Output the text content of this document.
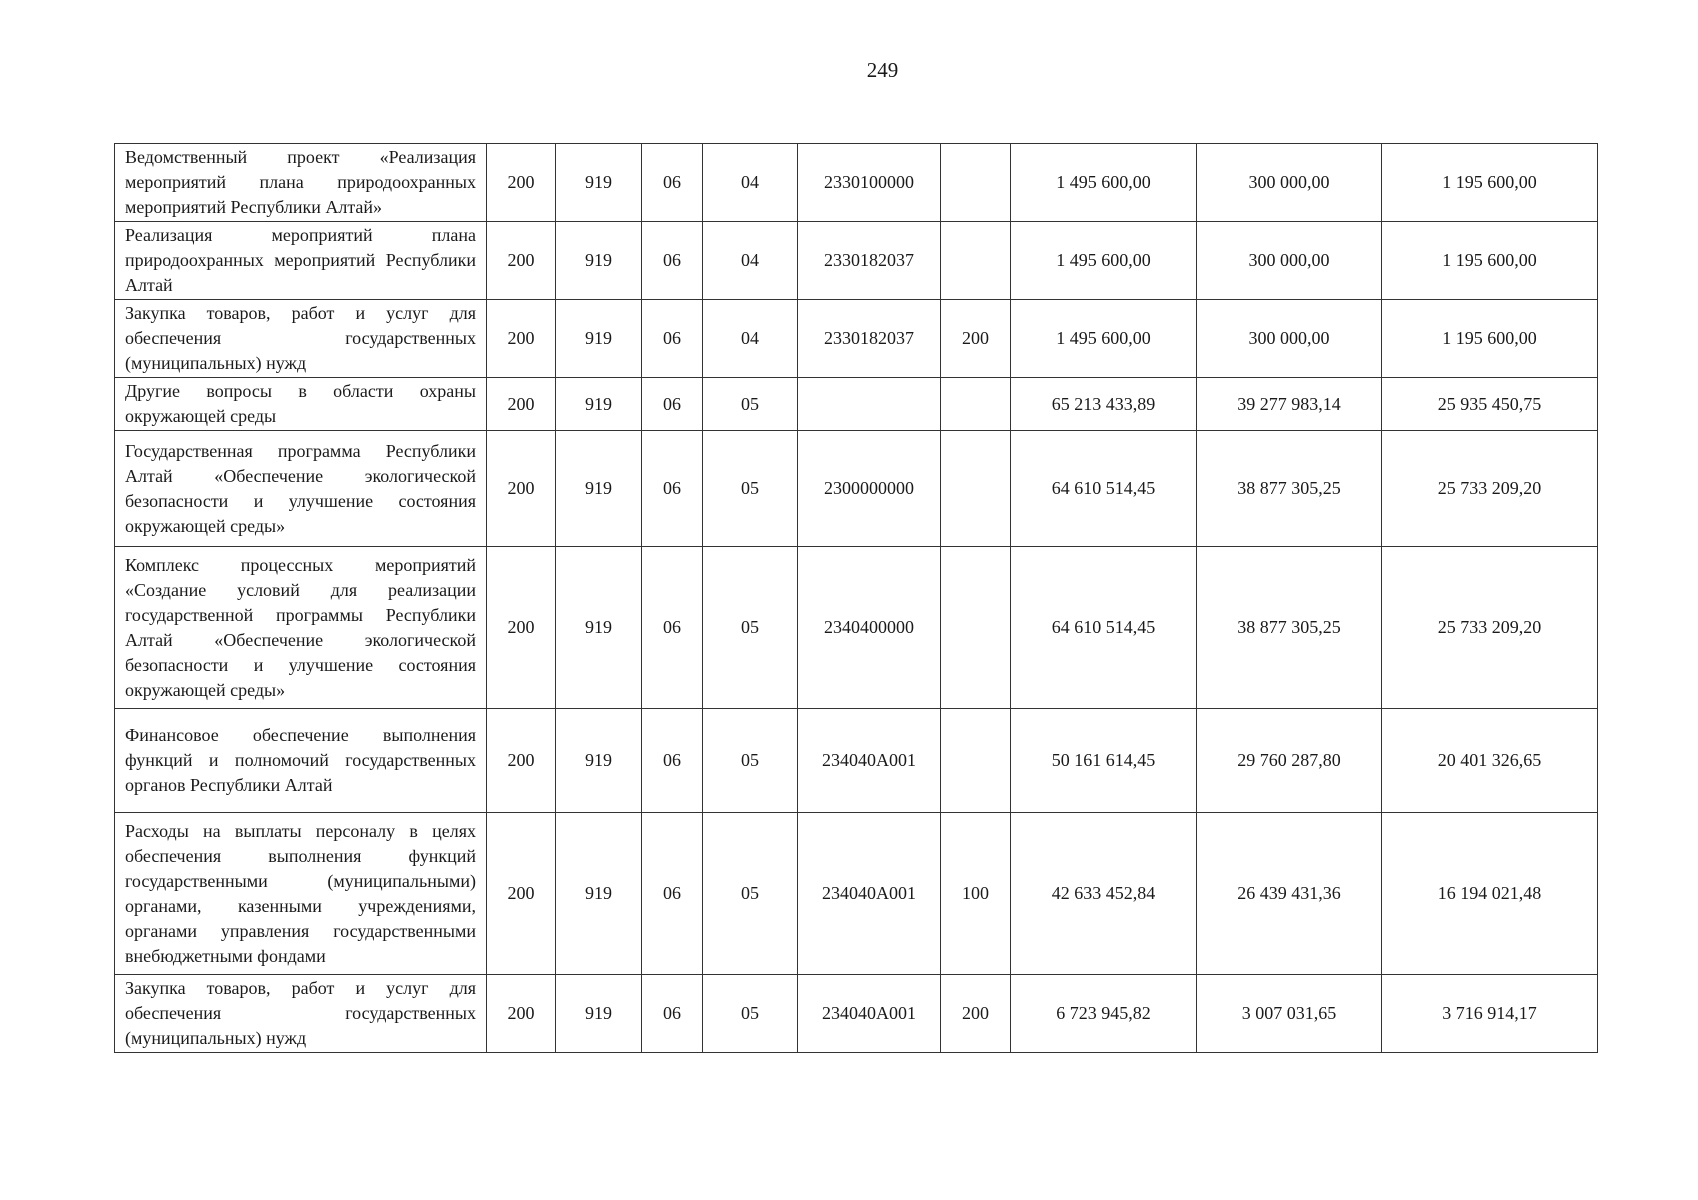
249
Ведомственный проект «Реализация мероприятий плана природоохранных мероприятий Республики Алтай»	200	919	06	04	2330100000		1 495 600,00	300 000,00	1 195 600,00
Реализация мероприятий плана природоохранных мероприятий Республики Алтай	200	919	06	04	2330182037		1 495 600,00	300 000,00	1 195 600,00
Закупка товаров, работ и услуг для обеспечения государственных (муниципальных) нужд	200	919	06	04	2330182037	200	1 495 600,00	300 000,00	1 195 600,00
Другие вопросы в области охраны окружающей среды	200	919	06	05			65 213 433,89	39 277 983,14	25 935 450,75
Государственная программа Республики Алтай «Обеспечение экологической безопасности и улучшение состояния окружающей среды»	200	919	06	05	2300000000		64 610 514,45	38 877 305,25	25 733 209,20
Комплекс процессных мероприятий «Создание условий для реализации государственной программы Республики Алтай «Обеспечение экологической безопасности и улучшение состояния окружающей среды»	200	919	06	05	2340400000		64 610 514,45	38 877 305,25	25 733 209,20
Финансовое обеспечение выполнения функций и полномочий государственных органов Республики Алтай	200	919	06	05	234040А001		50 161 614,45	29 760 287,80	20 401 326,65
Расходы на выплаты персоналу в целях обеспечения выполнения функций государственными (муниципальными) органами, казенными учреждениями, органами управления государственными внебюджетными фондами	200	919	06	05	234040А001	100	42 633 452,84	26 439 431,36	16 194 021,48
Закупка товаров, работ и услуг для обеспечения государственных (муниципальных) нужд	200	919	06	05	234040А001	200	6 723 945,82	3 007 031,65	3 716 914,17
